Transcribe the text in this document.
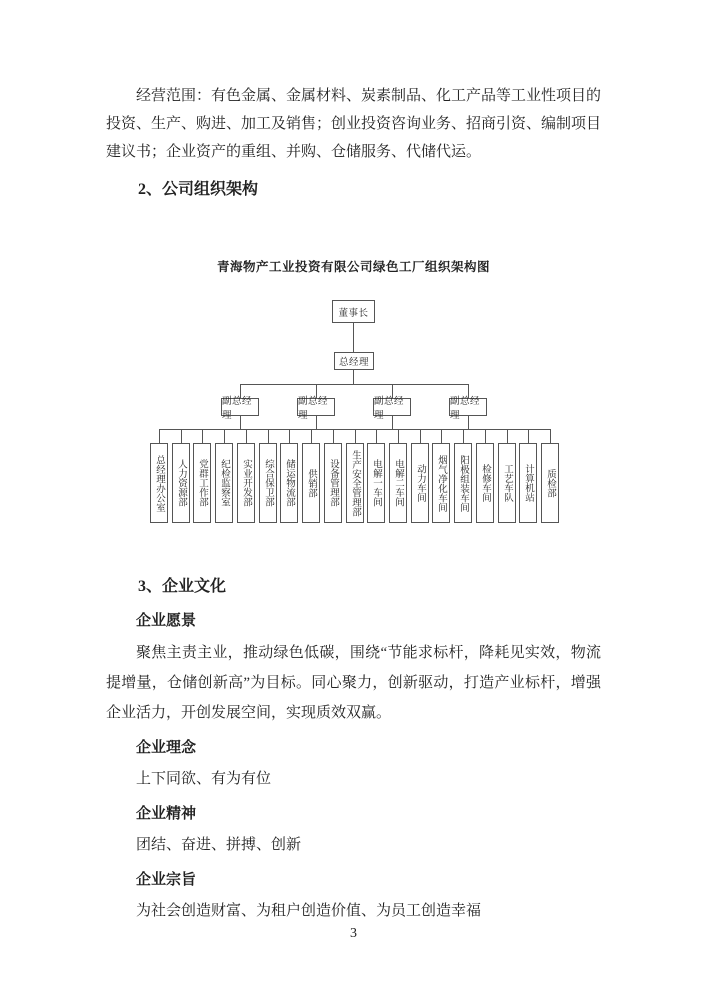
经营范围：有色金属、金属材料、炭素制品、化工产品等工业性项目的投资、生产、购进、加工及销售；创业投资咨询业务、招商引资、编制项目建议书；企业资产的重组、并购、仓储服务、代储代运。

2、公司组织架构
青海物产工业投资有限公司绿色工厂组织架构图
董事长
总经理
副总经理
副总经理
副总经理
副总经理
总经理办公室	人力资源部	党群工作部	纪检监察室	实业开发部	综合保卫部	储运物流部	供销部	设备管理部	生产安全管理部	电解一车间	电解二车间	动力车间	烟气净化车间	阳极组装车间	检修车间	工艺车队	计算机站	质检部
3、企业文化
企业愿景

聚焦主责主业，推动绿色低碳，围绕“节能求标杆，降耗见实效，物流提增量，仓储创新高”为目标。同心聚力，创新驱动，打造产业标杆，增强企业活力，开创发展空间，实现质效双赢。

企业理念

上下同欲、有为有位

企业精神

团结、奋进、拼搏、创新

企业宗旨

为社会创造财富、为租户创造价值、为员工创造幸福

3
